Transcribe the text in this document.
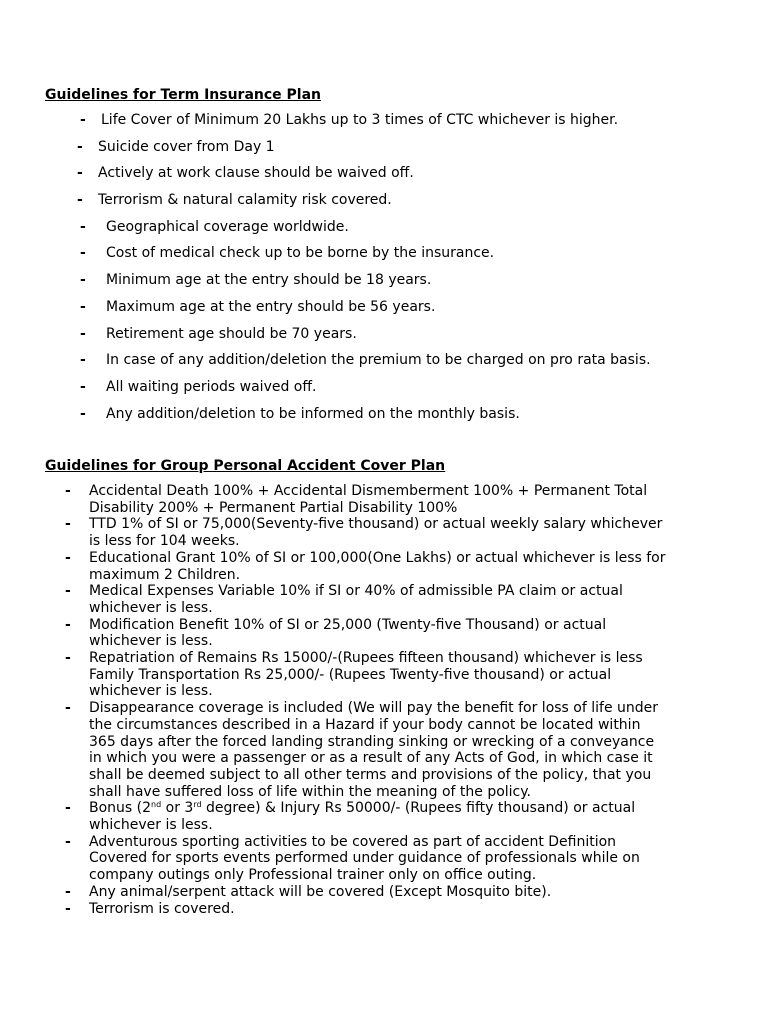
Guidelines for Term Insurance Plan
- Life Cover of Minimum 20 Lakhs up to 3 times of CTC whichever is higher.
- Suicide cover from Day 1
- Actively at work clause should be waived off.
- Terrorism & natural calamity risk covered.
- Geographical coverage worldwide.
- Cost of medical check up to be borne by the insurance.
- Minimum age at the entry should be 18 years.
- Maximum age at the entry should be 56 years.
- Retirement age should be 70 years.
- In case of any addition/deletion the premium to be charged on pro rata basis.
- All waiting periods waived off.
- Any addition/deletion to be informed on the monthly basis.
Guidelines for Group Personal Accident Cover Plan
- Accidental Death 100% + Accidental Dismemberment 100% + Permanent Total
Disability 200% + Permanent Partial Disability 100%
- TTD 1% of SI or 75,000(Seventy-five thousand) or actual weekly salary whichever
is less for 104 weeks.
- Educational Grant 10% of SI or 100,000(One Lakhs) or actual whichever is less for
maximum 2 Children.
- Medical Expenses Variable 10% if SI or 40% of admissible PA claim or actual
whichever is less.
- Modification Benefit 10% of SI or 25,000 (Twenty-five Thousand) or actual
whichever is less.
- Repatriation of Remains Rs 15000/-(Rupees fifteen thousand) whichever is less
Family Transportation Rs 25,000/- (Rupees Twenty-five thousand) or actual
whichever is less.
- Disappearance coverage is included (We will pay the benefit for loss of life under
the circumstances described in a Hazard if your body cannot be located within
365 days after the forced landing stranding sinking or wrecking of a conveyance
in which you were a passenger or as a result of any Acts of God, in which case it
shall be deemed subject to all other terms and provisions of the policy, that you
shall have suffered loss of life within the meaning of the policy.
- Bonus (2nd or 3rd degree) & Injury Rs 50000/- (Rupees fifty thousand) or actual
whichever is less.
- Adventurous sporting activities to be covered as part of accident Definition
Covered for sports events performed under guidance of professionals while on
company outings only Professional trainer only on office outing.
- Any animal/serpent attack will be covered (Except Mosquito bite).
- Terrorism is covered.
